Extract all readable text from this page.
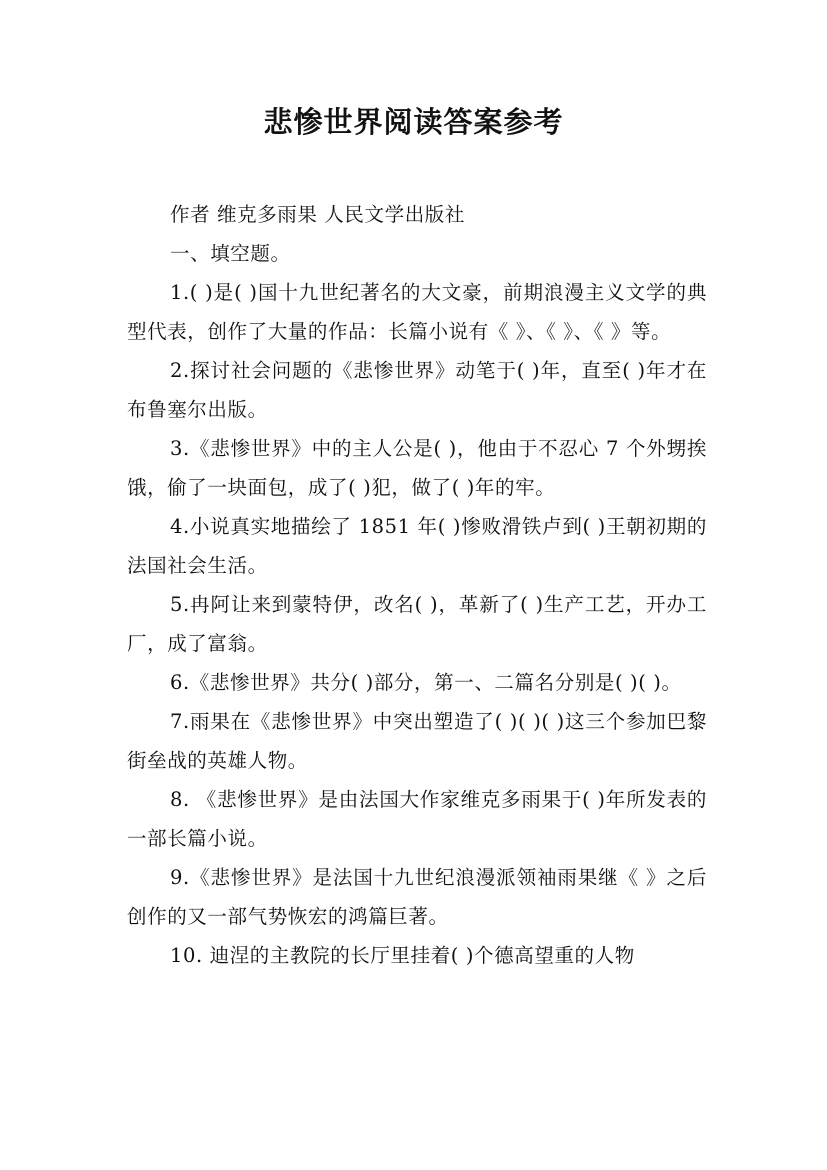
悲惨世界阅读答案参考

作者 维克多雨果 人民文学出版社

一、填空题。

1.( )是( )国十九世纪著名的大文豪，前期浪漫主义文学的典型代表，创作了大量的作品：长篇小说有《 》、《 》、《 》等。

2.探讨社会问题的《悲惨世界》动笔于( )年，直至( )年才在布鲁塞尔出版。

3.《悲惨世界》中的主人公是( )，他由于不忍心 7 个外甥挨饿，偷了一块面包，成了( )犯，做了( )年的牢。

4.小说真实地描绘了 1851 年( )惨败滑铁卢到( )王朝初期的法国社会生活。

5.冉阿让来到蒙特伊，改名( )，革新了( )生产工艺，开办工厂，成了富翁。

6.《悲惨世界》共分( )部分，第一、二篇名分别是( )( )。

7.雨果在《悲惨世界》中突出塑造了( )( )( )这三个参加巴黎街垒战的英雄人物。

8. 《悲惨世界》是由法国大作家维克多雨果于( )年所发表的一部长篇小说。

9.《悲惨世界》是法国十九世纪浪漫派领袖雨果继《 》之后创作的又一部气势恢宏的鸿篇巨著。

10. 迪涅的主教院的长厅里挂着( )个德高望重的人物
